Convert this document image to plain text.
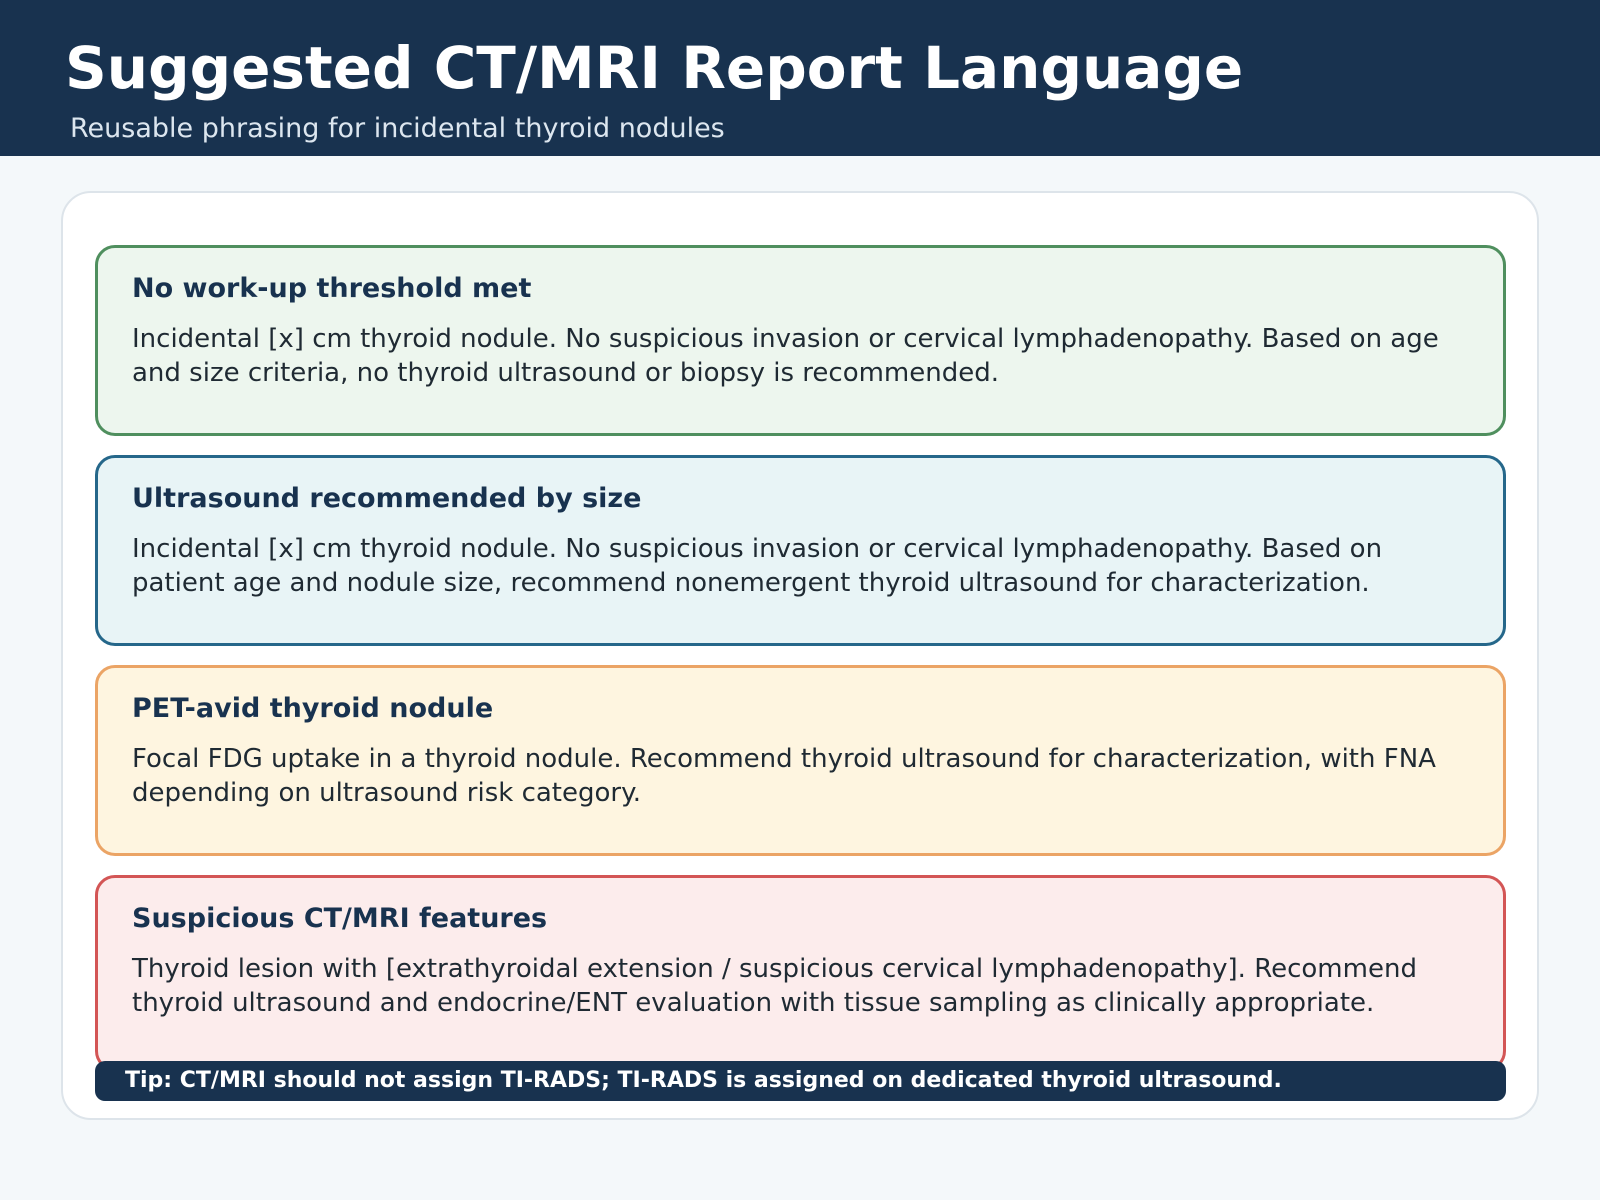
Suggested CT/MRI Report Language

Reusable phrasing for incidental thyroid nodules

No work-up threshold met

Incidental [x] cm thyroid nodule. No suspicious invasion or cervical lymphadenopathy. Based on age and size criteria, no thyroid ultrasound or biopsy is recommended.

Ultrasound recommended by size

Incidental [x] cm thyroid nodule. No suspicious invasion or cervical lymphadenopathy. Based on patient age and nodule size, recommend nonemergent thyroid ultrasound for characterization.

PET-avid thyroid nodule

Focal FDG uptake in a thyroid nodule. Recommend thyroid ultrasound for characterization, with FNA depending on ultrasound risk category.

Suspicious CT/MRI features

Thyroid lesion with [extrathyroidal extension / suspicious cervical lymphadenopathy]. Recommend thyroid ultrasound and endocrine/ENT evaluation with tissue sampling as clinically appropriate.

Tip: CT/MRI should not assign TI-RADS; TI-RADS is assigned on dedicated thyroid ultrasound.
